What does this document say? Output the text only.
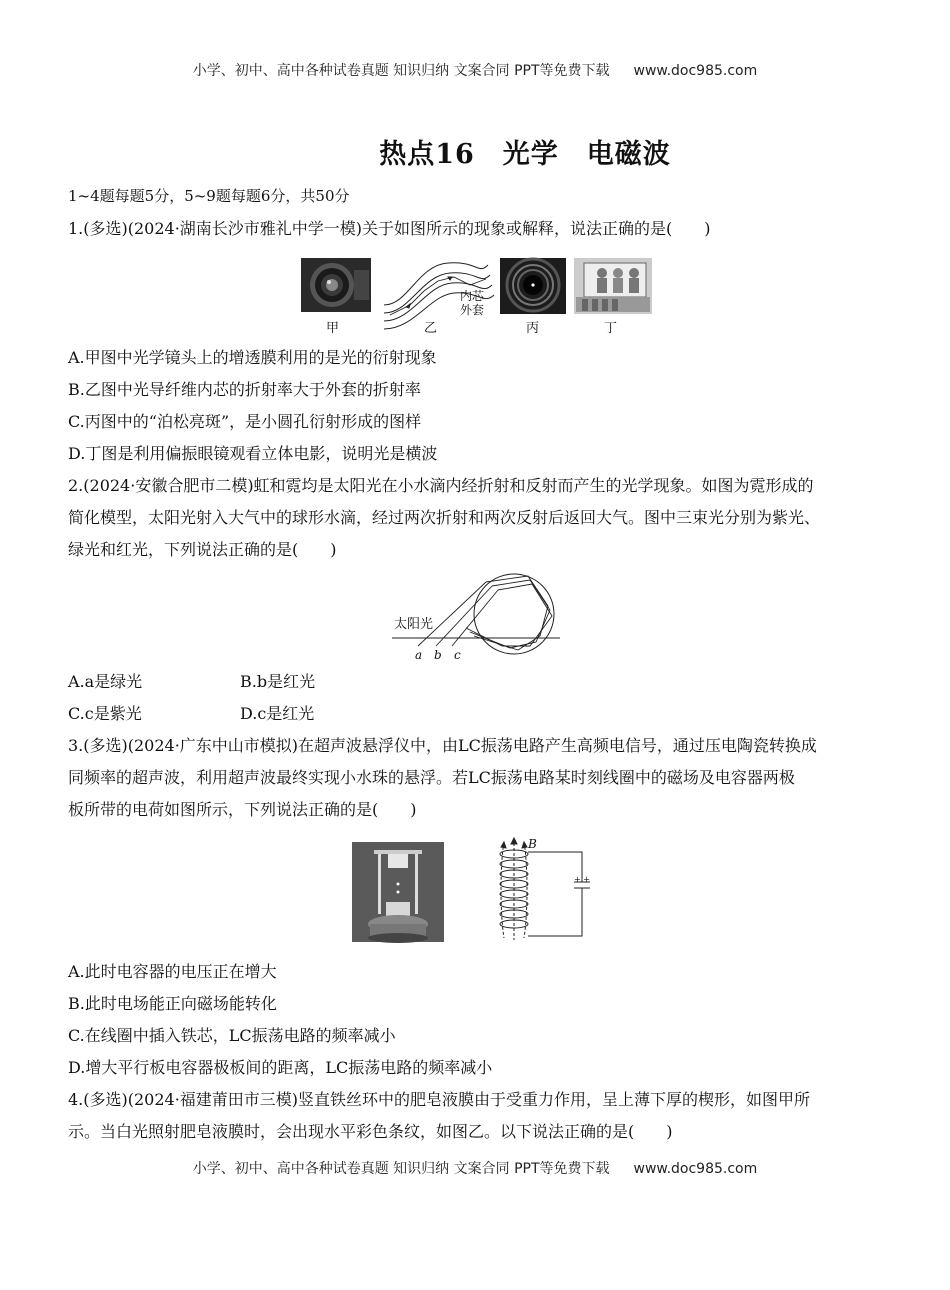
小学、初中、高中各种试卷真题 知识归纳 文案合同 PPT等免费下载 www.doc985.com
热点16　光学　电磁波
1~4题每题5分，5~9题每题6分，共50分
1.(多选)(2024·湖南长沙市雅礼中学一模)关于如图所示的现象或解释，说法正确的是(　　)
内芯
外套
甲	乙	丙	丁
A.甲图中光学镜头上的增透膜利用的是光的衍射现象
B.乙图中光导纤维内芯的折射率大于外套的折射率
C.丙图中的“泊松亮斑”，是小圆孔衍射形成的图样
D.丁图是利用偏振眼镜观看立体电影，说明光是横波
2.(2024·安徽合肥市二模)虹和霓均是太阳光在小水滴内经折射和反射而产生的光学现象。如图为霓形成的
简化模型，太阳光射入大气中的球形水滴，经过两次折射和两次反射后返回大气。图中三束光分别为紫光、
绿光和红光，下列说法正确的是(　　)
太阳光
a b c
A.a是绿光	B.b是红光
C.c是紫光	D.c是红光
3.(多选)(2024·广东中山市模拟)在超声波悬浮仪中，由LC振荡电路产生高频电信号，通过压电陶瓷转换成
同频率的超声波，利用超声波最终实现小水珠的悬浮。若LC振荡电路某时刻线圈中的磁场及电容器两极
板所带的电荷如图所示，下列说法正确的是(　　)
B
+ +
A.此时电容器的电压正在增大
B.此时电场能正向磁场能转化
C.在线圈中插入铁芯，LC振荡电路的频率减小
D.增大平行板电容器极板间的距离，LC振荡电路的频率减小
4.(多选)(2024·福建莆田市三模)竖直铁丝环中的肥皂液膜由于受重力作用，呈上薄下厚的楔形，如图甲所
示。当白光照射肥皂液膜时，会出现水平彩色条纹，如图乙。以下说法正确的是(　　)
小学、初中、高中各种试卷真题 知识归纳 文案合同 PPT等免费下载 www.doc985.com
